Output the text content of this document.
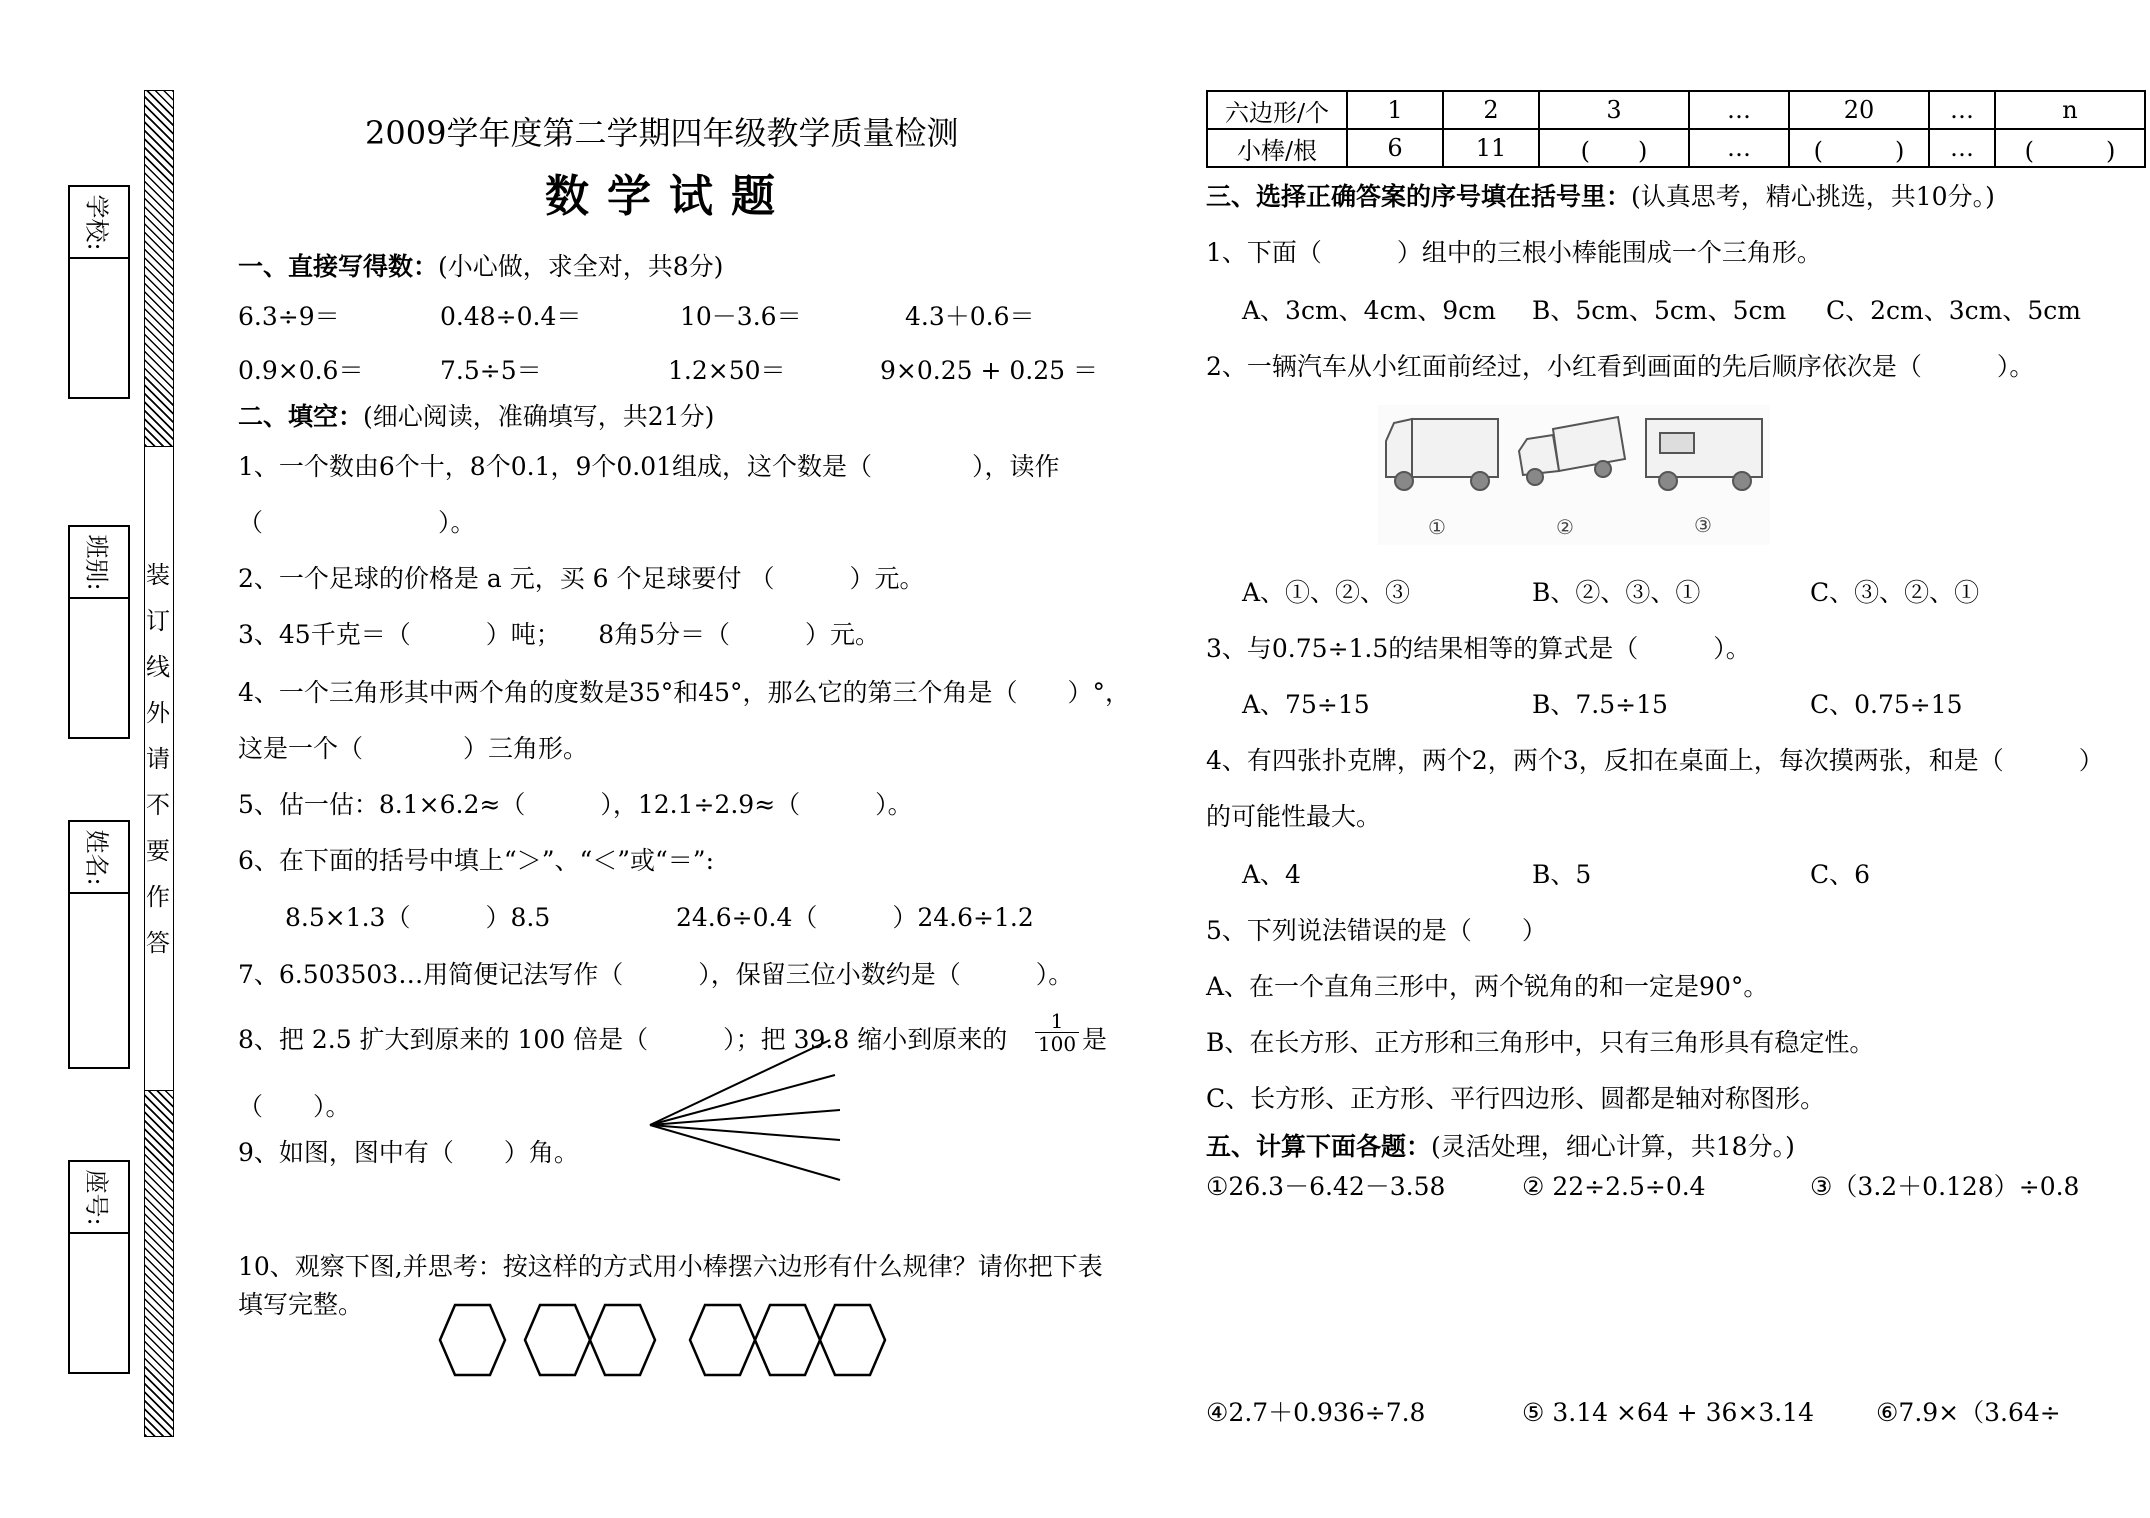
装
订
线
外
请
不
要
作
答
学校:
班别:
姓名:
座号:
2009学年度第二学期四年级教学质量检测
数学试题
一、直接写得数：(小心做，求全对，共8分)
6.3÷9＝	0.48÷0.4＝	10－3.6＝	4.3＋0.6＝
0.9×0.6＝	7.5÷5＝	1.2×50＝	9×0.25 + 0.25 ＝
二、填空：(细心阅读，准确填写，共21分)
1、一个数由6个十，8个0.1，9个0.01组成，这个数是（　　　　），读作
（　　　　　　　）。
2、一个足球的价格是 a 元，买 6 个足球要付 （　　　）元。
3、45千克＝（　　　）吨；　　8角5分＝（　　　）元。
4、一个三角形其中两个角的度数是35°和45°，那么它的第三个角是（　　）°，
这是一个（　　　　）三角形。
5、估一估：8.1×6.2≈（　　　），12.1÷2.9≈（　　　）。
6、在下面的括号中填上“＞”、“＜”或“＝”:
8.5×1.3（　　　）8.5	24.6÷0.4（　　　）24.6÷1.2
7、6.503503…用简便记法写作（　　　），保留三位小数约是（　　　）。
8、把 2.5 扩大到原来的 100 倍是（　　　）；把 39.8 缩小到原来的 $\frac{1}{100}$ 是
（　　）。
9、如图，图中有（　　）角。
10、观察下图,并思考：按这样的方式用小棒摆六边形有什么规律？请你把下表
填写完整。
六边形/个	1	2	3	…	20	…	n
小棒/根	6	11	(　　)	…	(　　　)	…	(　　　)
三、选择正确答案的序号填在括号里：(认真思考，精心挑选，共10分。)
1、下面（　　　）组中的三根小棒能围成一个三角形。
A、3cm、4cm、9cm B、5cm、5cm、5cm C、2cm、3cm、5cm
2、一辆汽车从小红面前经过，小红看到画面的先后顺序依次是（　　　）。
①	②	③
A、①、②、③	B、②、③、①	C、③、②、①
3、与0.75÷1.5的结果相等的算式是（　　　）。
A、75÷15	B、7.5÷15	C、0.75÷15
4、有四张扑克牌，两个2，两个3，反扣在桌面上，每次摸两张，和是（　　　）
的可能性最大。
A、4	B、5	C、6
5、下列说法错误的是（　　）
A、在一个直角三形中，两个锐角的和一定是90°。
B、在长方形、正方形和三角形中，只有三角形具有稳定性。
C、长方形、正方形、平行四边形、圆都是轴对称图形。
五、计算下面各题：(灵活处理，细心计算，共18分。)
①26.3－6.42－3.58	② 22÷2.5÷0.4	③（3.2＋0.128）÷0.8
④2.7＋0.936÷7.8	⑤ 3.14 ×64 + 36×3.14 ⑥7.9×（3.64÷
